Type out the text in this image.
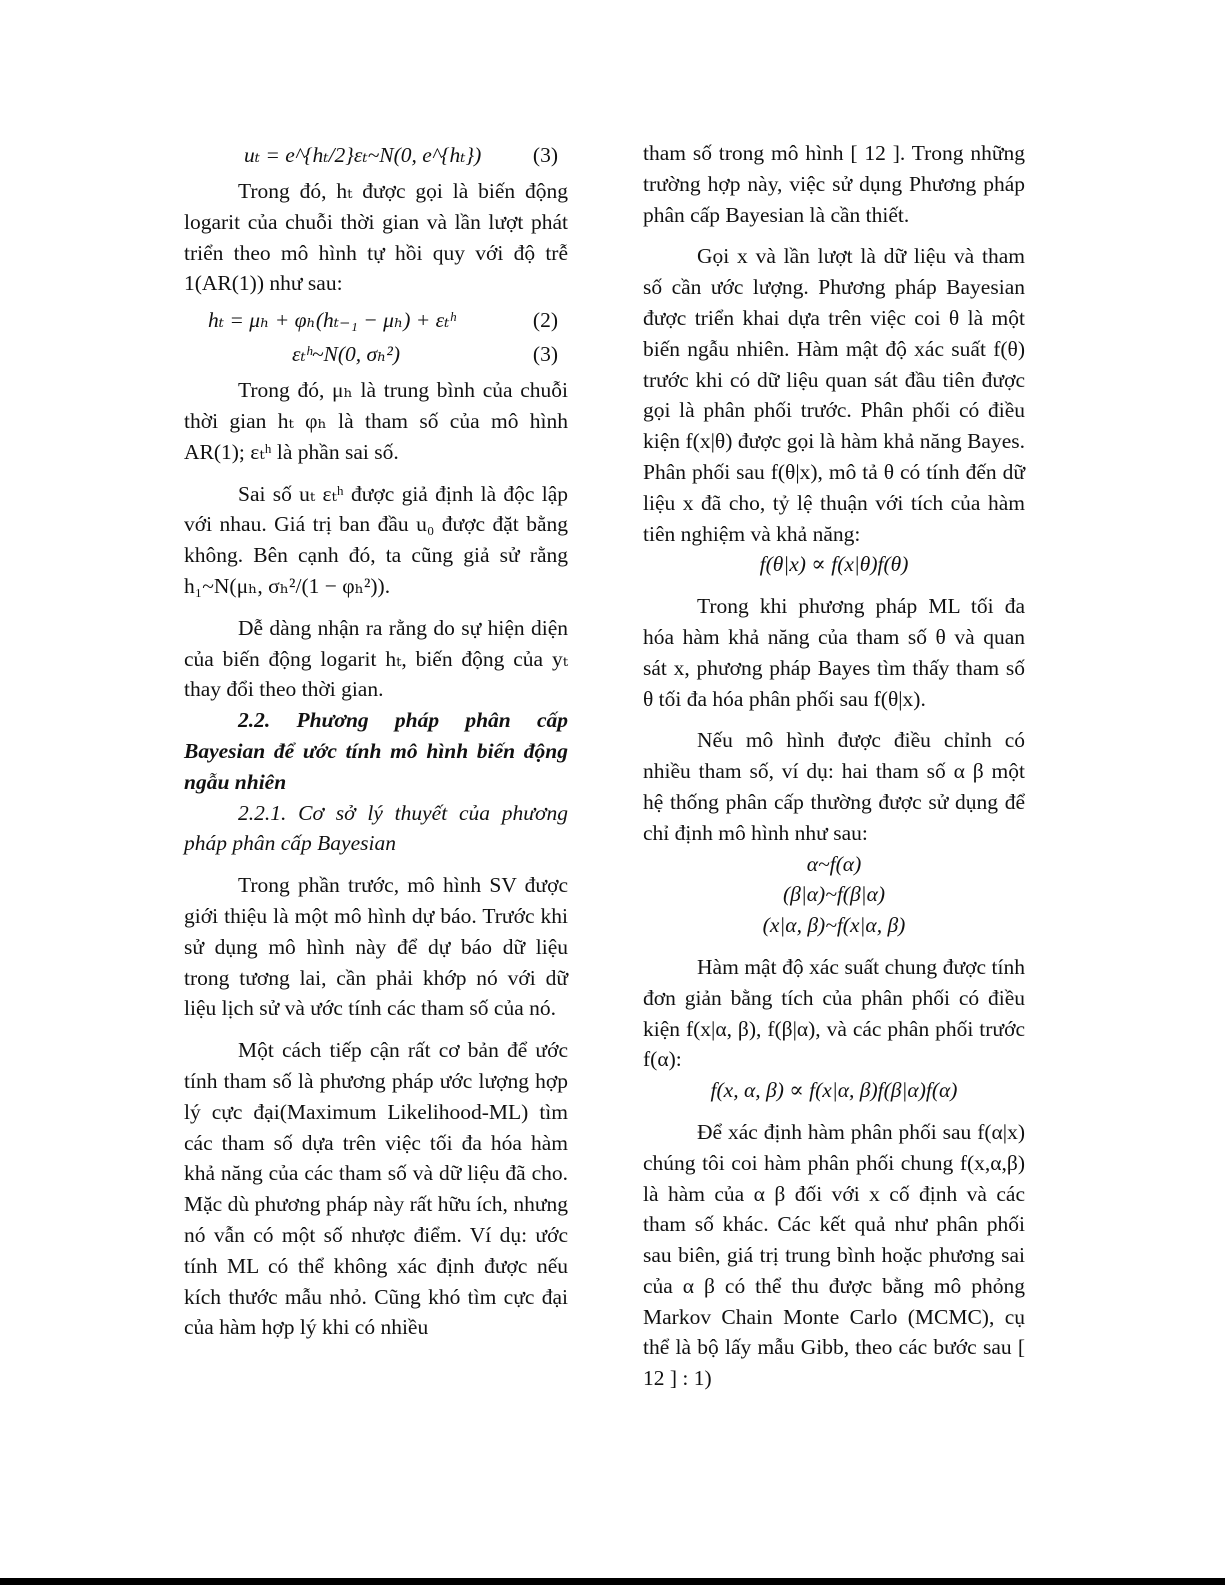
uₜ = e^{hₜ/2}εₜ~N(0, e^{hₜ}) (3)

Trong đó, hₜ được gọi là biến động logarit của chuỗi thời gian và lần lượt phát triển theo mô hình tự hồi quy với độ trễ 1(AR(1)) như sau:

hₜ = μₕ + φₕ(hₜ₋₁ − μₕ) + εₜʰ	(2)
εₜʰ~N(0, σₕ²)	(3)

Trong đó, μₕ là trung bình của chuỗi thời gian hₜ φₕ là tham số của mô hình AR(1); εₜʰ là phần sai số.

Sai số uₜ εₜʰ được giả định là độc lập với nhau. Giá trị ban đầu u₀ được đặt bằng không. Bên cạnh đó, ta cũng giả sử rằng h₁~N(μₕ, σₕ²/(1 − φₕ²)).

Dễ dàng nhận ra rằng do sự hiện diện của biến động logarit hₜ, biến động của yₜ thay đổi theo thời gian.

2.2. Phương pháp phân cấp Bayesian để ước tính mô hình biến động ngẫu nhiên

2.2.1. Cơ sở lý thuyết của phương pháp phân cấp Bayesian

Trong phần trước, mô hình SV được giới thiệu là một mô hình dự báo. Trước khi sử dụng mô hình này để dự báo dữ liệu trong tương lai, cần phải khớp nó với dữ liệu lịch sử và ước tính các tham số của nó.

Một cách tiếp cận rất cơ bản để ước tính tham số là phương pháp ước lượng hợp lý cực đại(Maximum Likelihood-ML) tìm các tham số dựa trên việc tối đa hóa hàm khả năng của các tham số và dữ liệu đã cho. Mặc dù phương pháp này rất hữu ích, nhưng nó vẫn có một số nhược điểm. Ví dụ: ước tính ML có thể không xác định được nếu kích thước mẫu nhỏ. Cũng khó tìm cực đại của hàm hợp lý khi có nhiều

tham số trong mô hình [ 12 ]. Trong những trường hợp này, việc sử dụng Phương pháp phân cấp Bayesian là cần thiết.

Gọi x và lần lượt là dữ liệu và tham số cần ước lượng. Phương pháp Bayesian được triển khai dựa trên việc coi θ là một biến ngẫu nhiên. Hàm mật độ xác suất f(θ) trước khi có dữ liệu quan sát đầu tiên được gọi là phân phối trước. Phân phối có điều kiện f(x|θ) được gọi là hàm khả năng Bayes. Phân phối sau f(θ|x), mô tả θ có tính đến dữ liệu x đã cho, tỷ lệ thuận với tích của hàm tiên nghiệm và khả năng:

f(θ|x) ∝ f(x|θ)f(θ)

Trong khi phương pháp ML tối đa hóa hàm khả năng của tham số θ và quan sát x, phương pháp Bayes tìm thấy tham số θ tối đa hóa phân phối sau f(θ|x).

Nếu mô hình được điều chỉnh có nhiều tham số, ví dụ: hai tham số α β một hệ thống phân cấp thường được sử dụng để chỉ định mô hình như sau:

α~f(α)
(β|α)~f(β|α)
(x|α, β)~f(x|α, β)

Hàm mật độ xác suất chung được tính đơn giản bằng tích của phân phối có điều kiện f(x|α, β), f(β|α), và các phân phối trước f(α):

f(x, α, β) ∝ f(x|α, β)f(β|α)f(α)

Để xác định hàm phân phối sau f(α|x) chúng tôi coi hàm phân phối chung f(x,α,β) là hàm của α β đối với x cố định và các tham số khác. Các kết quả như phân phối sau biên, giá trị trung bình hoặc phương sai của α β có thể thu được bằng mô phỏng Markov Chain Monte Carlo (MCMC), cụ thể là bộ lấy mẫu Gibb, theo các bước sau [ 12 ] : 1)
